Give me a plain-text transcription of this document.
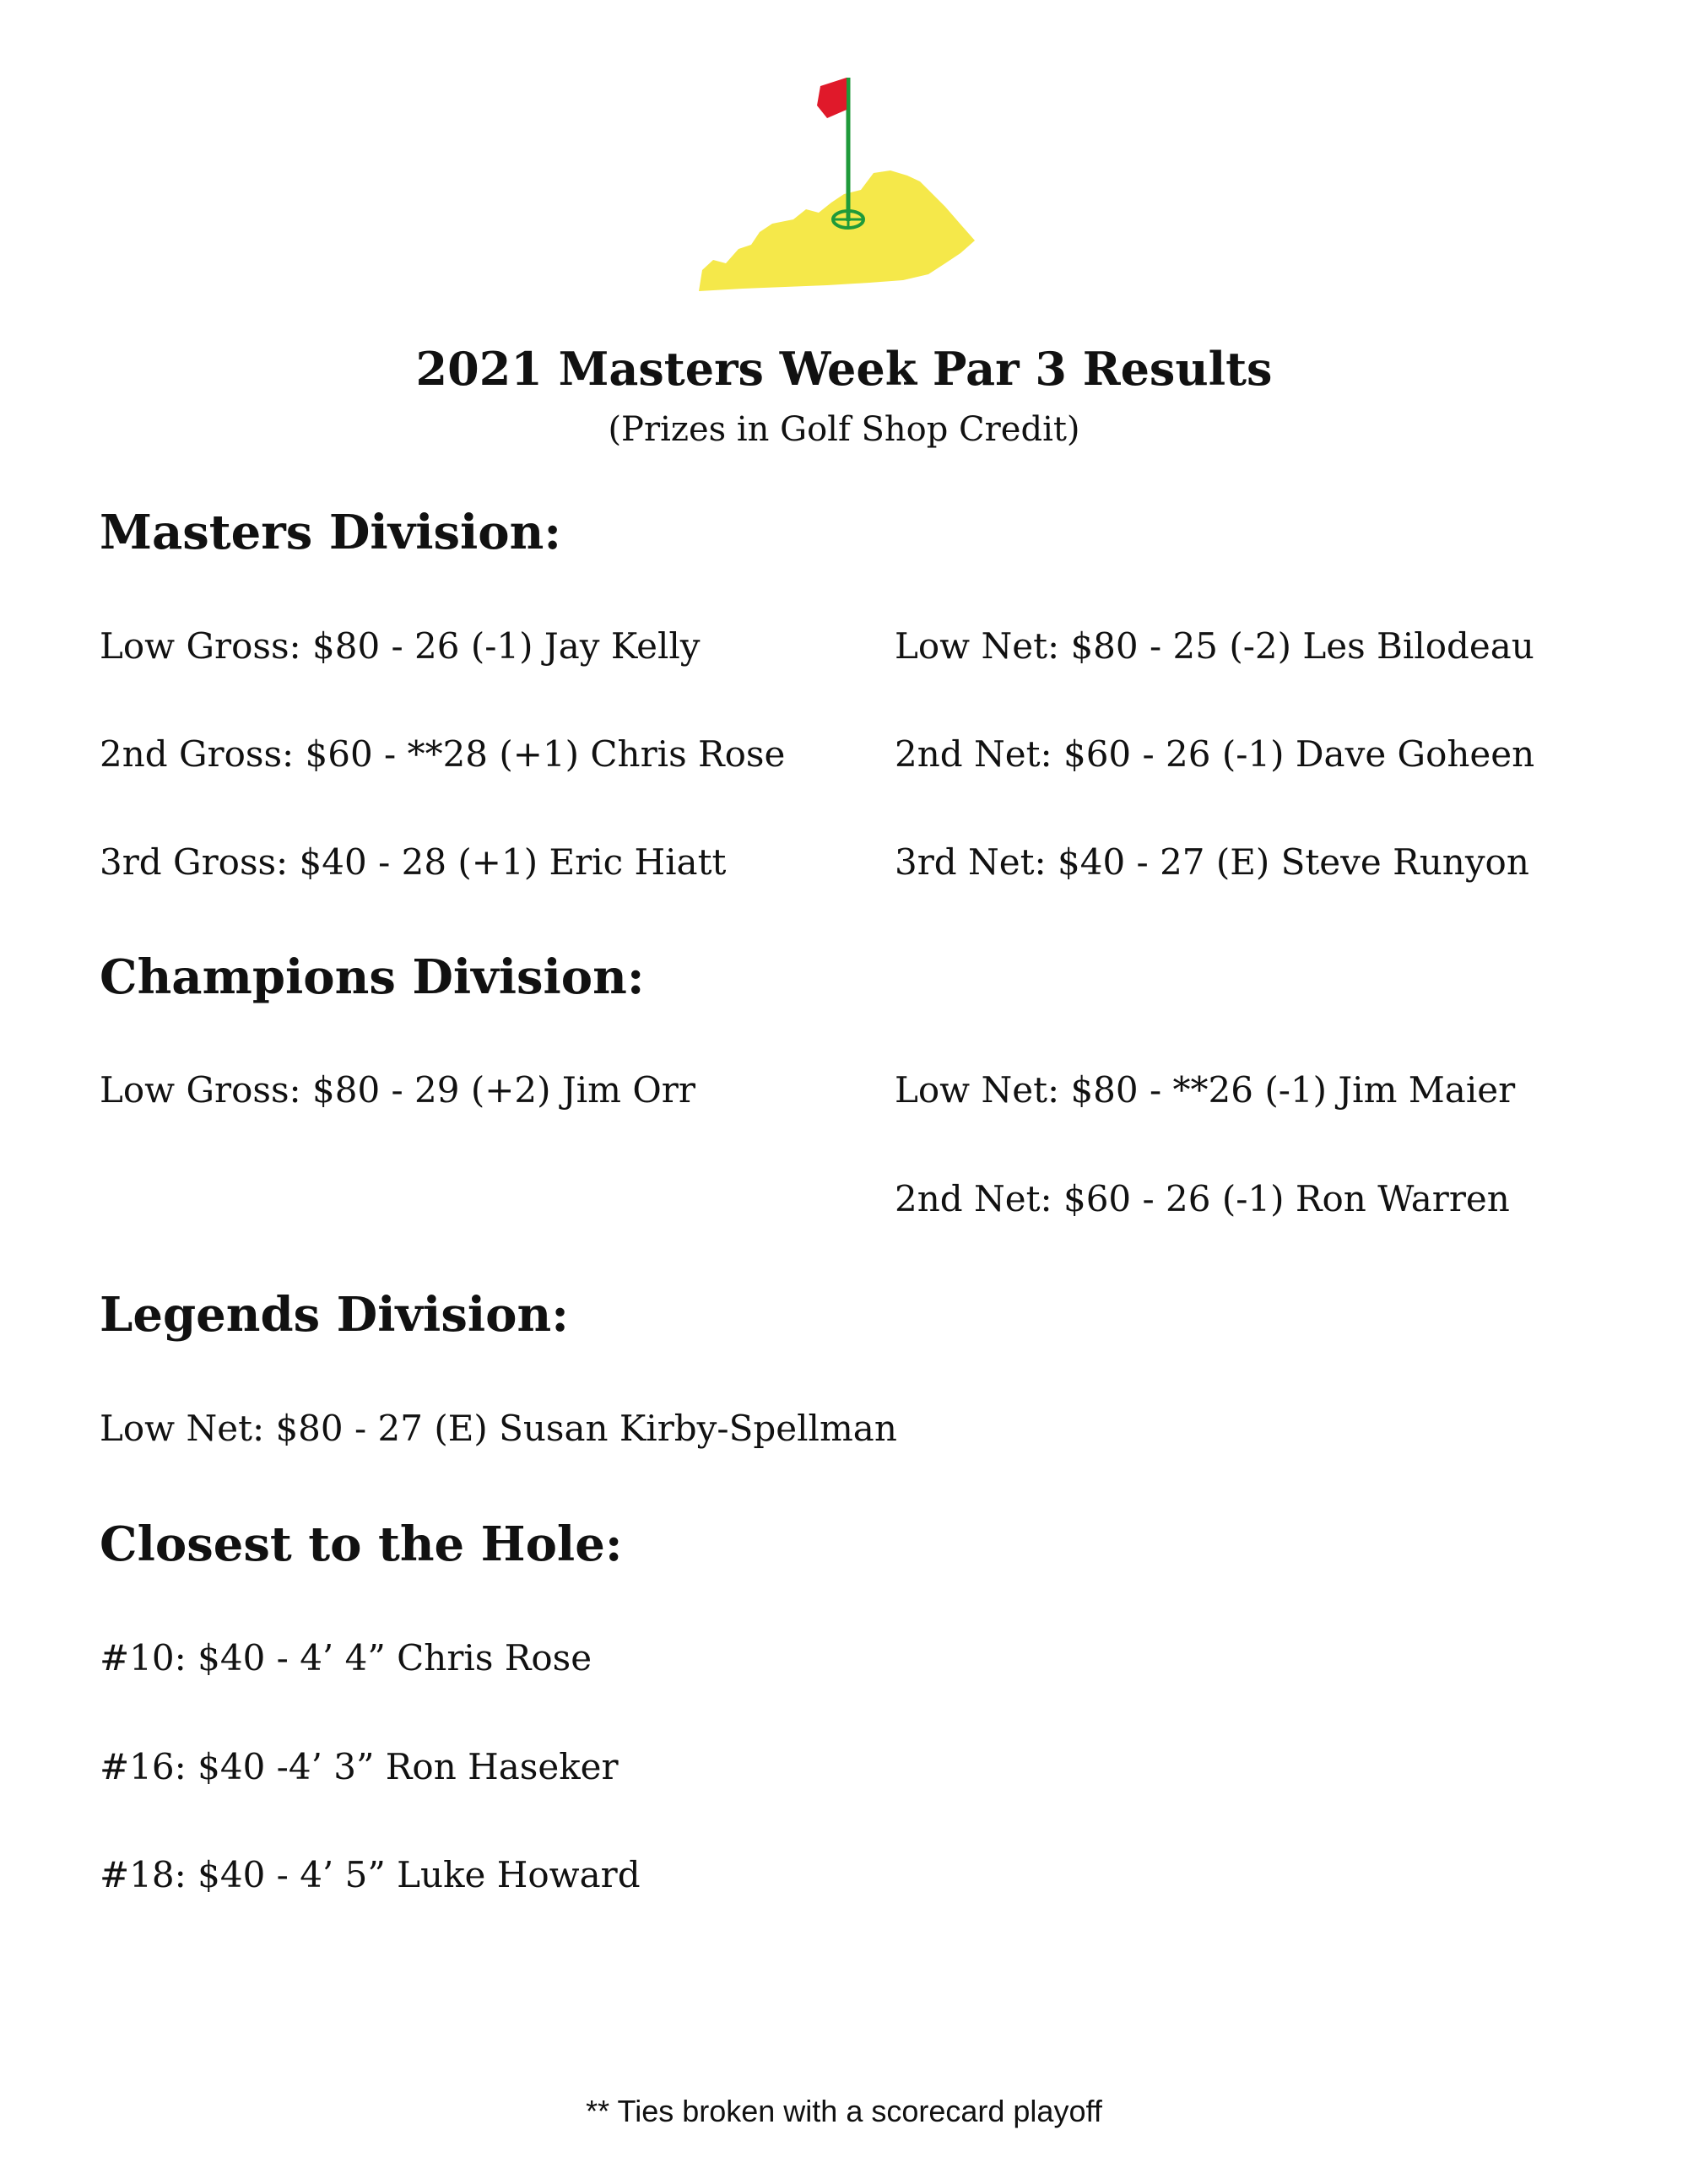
2021 Masters Week Par 3 Results

(Prizes in Golf Shop Credit)

Masters Division:

Low Gross: $80 - 26 (-1) Jay Kelly

2nd Gross: $60 - **28 (+1) Chris Rose

3rd Gross: $40 - 28 (+1) Eric Hiatt

Low Net: $80 - 25 (-2) Les Bilodeau

2nd Net: $60 - 26 (-1) Dave Goheen

3rd Net: $40 - 27 (E) Steve Runyon

Champions Division:

Low Gross: $80 - 29 (+2) Jim Orr	Low Net: $80 - **26 (-1) Jim Maier

2nd Net: $60 - 26 (-1) Ron Warren

Legends Division:

Low Net: $80 - 27 (E) Susan Kirby-Spellman

Closest to the Hole:

#10: $40 - 4’ 4” Chris Rose

#16: $40 -4’ 3” Ron Haseker

#18: $40 - 4’ 5” Luke Howard

** Ties broken with a scorecard playoff
